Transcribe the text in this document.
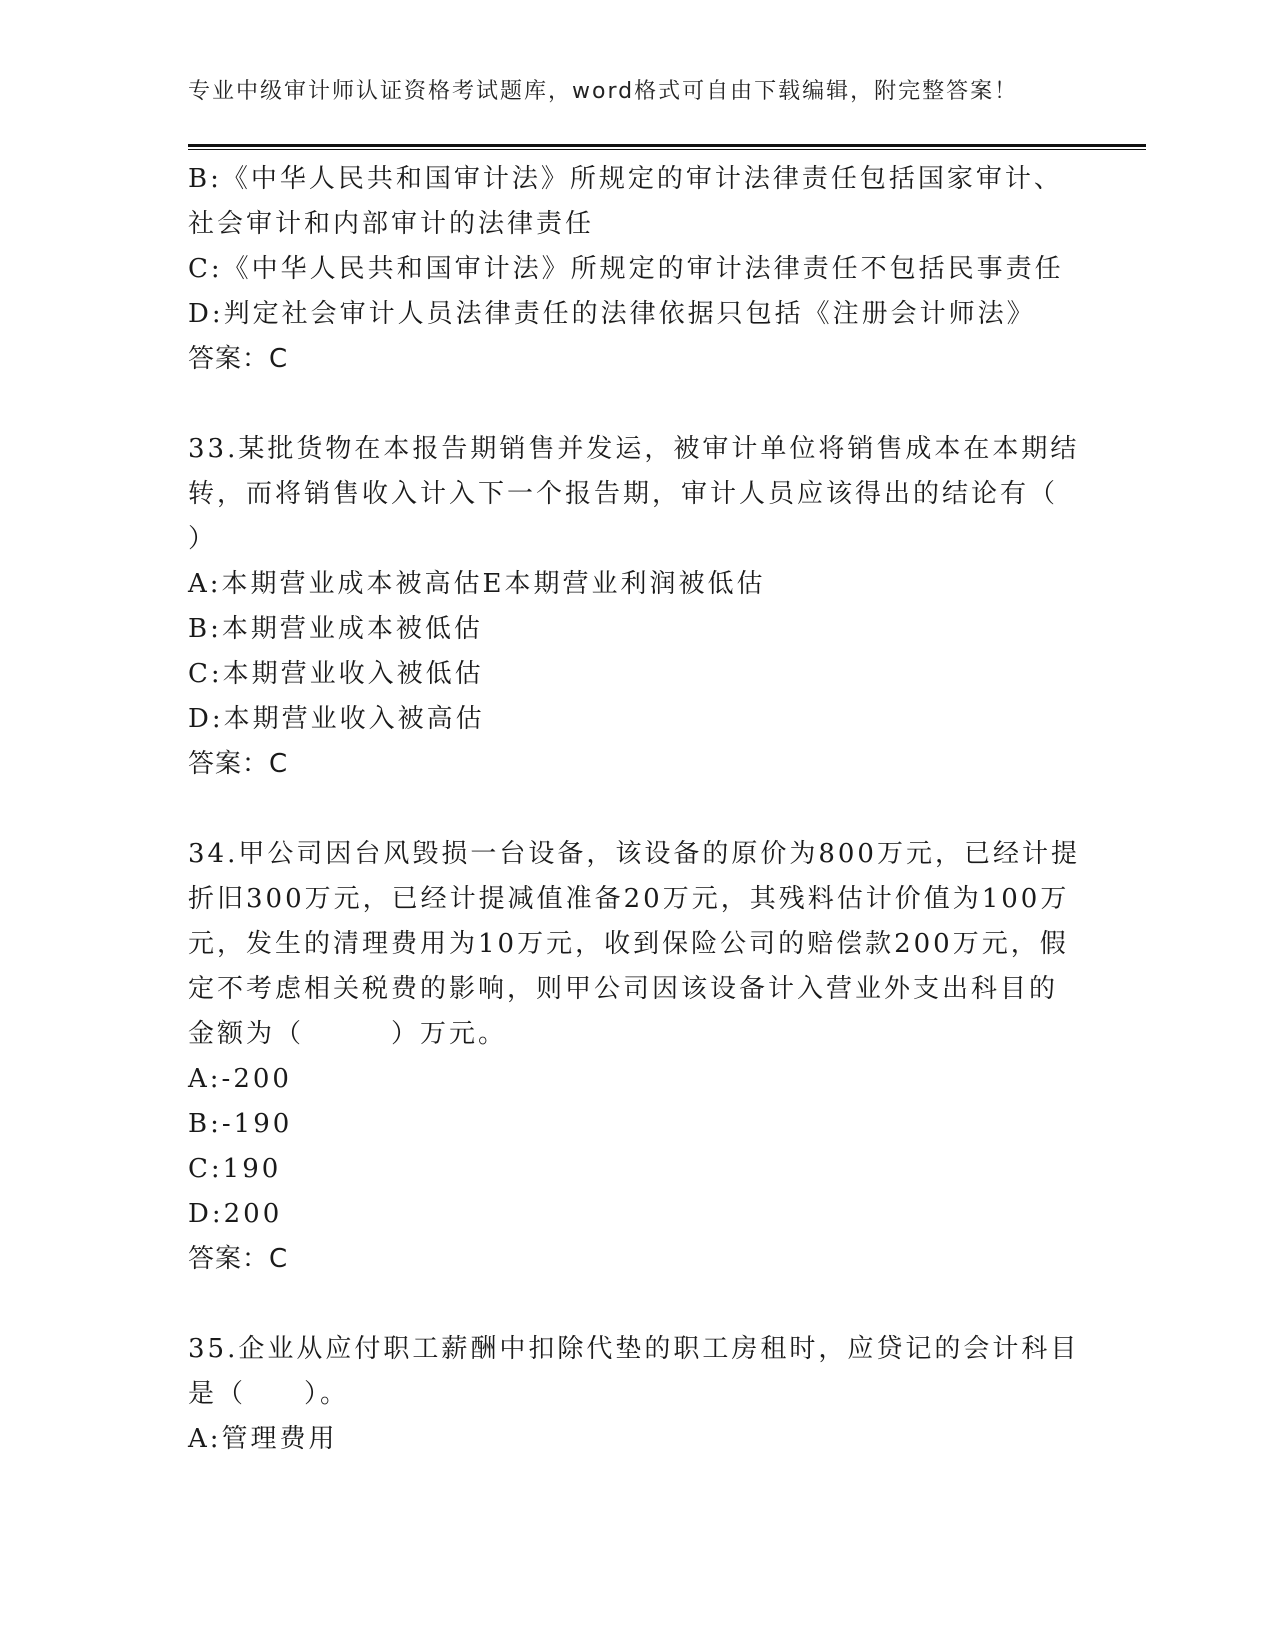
专业中级审计师认证资格考试题库，word格式可自由下载编辑，附完整答案！
B:《中华人民共和国审计法》所规定的审计法律责任包括国家审计、
社会审计和内部审计的法律责任
C:《中华人民共和国审计法》所规定的审计法律责任不包括民事责任
D:判定社会审计人员法律责任的法律依据只包括《注册会计师法》
答案：C
33.某批货物在本报告期销售并发运，被审计单位将销售成本在本期结
转，而将销售收入计入下一个报告期，审计人员应该得出的结论有（
）
A:本期营业成本被高估E本期营业利润被低估
B:本期营业成本被低估
C:本期营业收入被低估
D:本期营业收入被高估
答案：C
34.甲公司因台风毁损一台设备，该设备的原价为800万元，已经计提
折旧300万元，已经计提减值准备20万元，其残料估计价值为100万
元，发生的清理费用为10万元，收到保险公司的赔偿款200万元，假
定不考虑相关税费的影响，则甲公司因该设备计入营业外支出科目的
金额为（　　　）万元。
A:-200
B:-190
C:190
D:200
答案：C
35.企业从应付职工薪酬中扣除代垫的职工房租时，应贷记的会计科目
是（　　）。
A:管理费用
